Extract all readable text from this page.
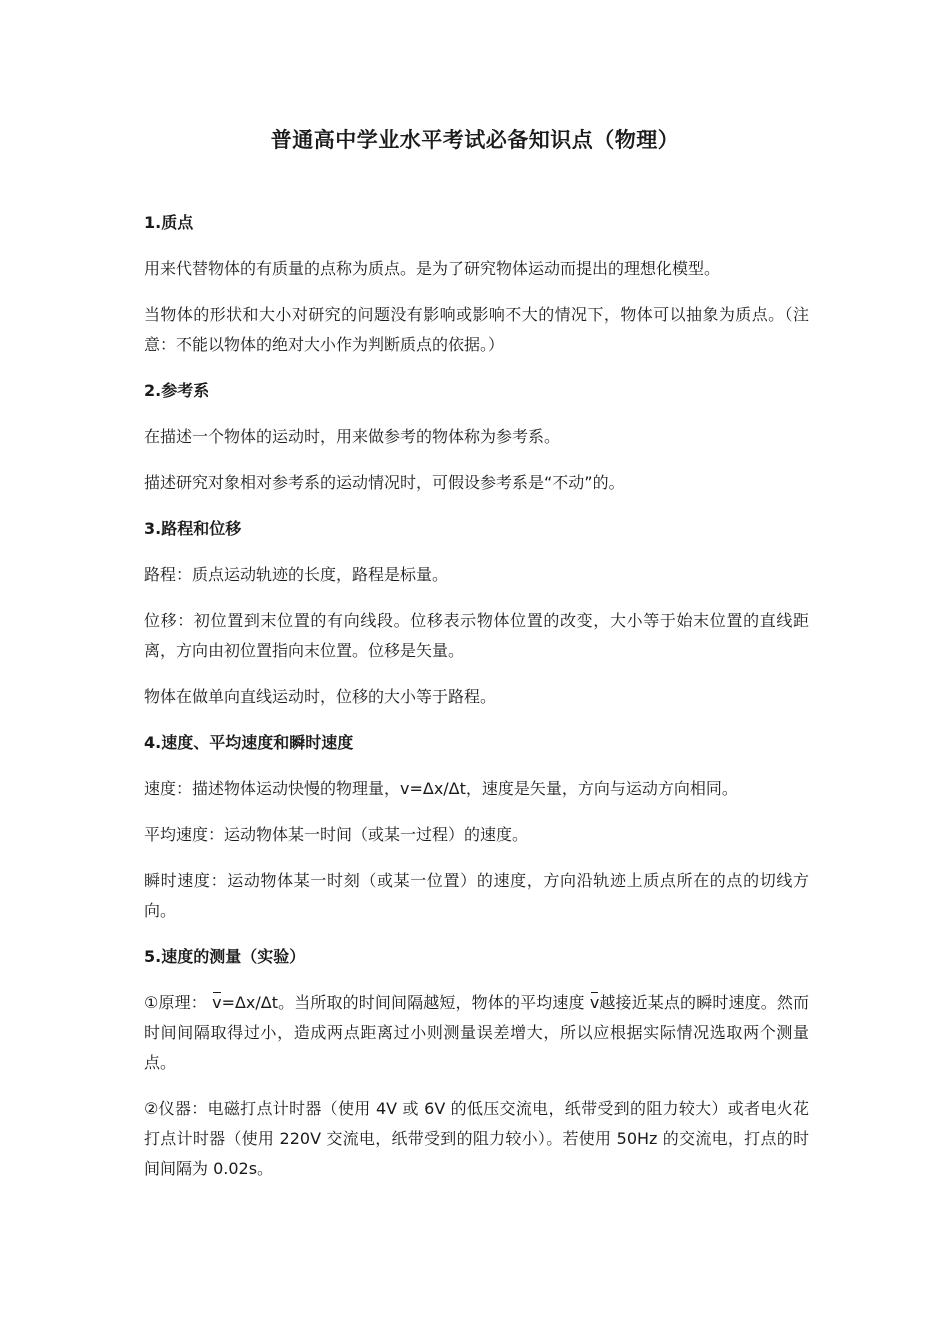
普通高中学业水平考试必备知识点（物理）
1.质点

用来代替物体的有质量的点称为质点。是为了研究物体运动而提出的理想化模型。

当物体的形状和大小对研究的问题没有影响或影响不大的情况下，物体可以抽象为质点。（注意：不能以物体的绝对大小作为判断质点的依据。）

2.参考系

在描述一个物体的运动时，用来做参考的物体称为参考系。

描述研究对象相对参考系的运动情况时，可假设参考系是“不动”的。

3.路程和位移

路程：质点运动轨迹的长度，路程是标量。

位移：初位置到末位置的有向线段。位移表示物体位置的改变，大小等于始末位置的直线距离，方向由初位置指向末位置。位移是矢量。

物体在做单向直线运动时，位移的大小等于路程。

4.速度、平均速度和瞬时速度

速度：描述物体运动快慢的物理量，v=Δx/Δt，速度是矢量，方向与运动方向相同。

平均速度：运动物体某一时间（或某一过程）的速度。

瞬时速度：运动物体某一时刻（或某一位置）的速度，方向沿轨迹上质点所在的点的切线方向。

5.速度的测量（实验）

①原理： v=Δx/Δt。当所取的时间间隔越短，物体的平均速度 v越接近某点的瞬时速度。然而时间间隔取得过小，造成两点距离过小则测量误差增大，所以应根据实际情况选取两个测量点。

②仪器：电磁打点计时器（使用 4V 或 6V 的低压交流电，纸带受到的阻力较大）或者电火花打点计时器（使用 220V 交流电，纸带受到的阻力较小）。若使用 50Hz 的交流电，打点的时间间隔为 0.02s。
